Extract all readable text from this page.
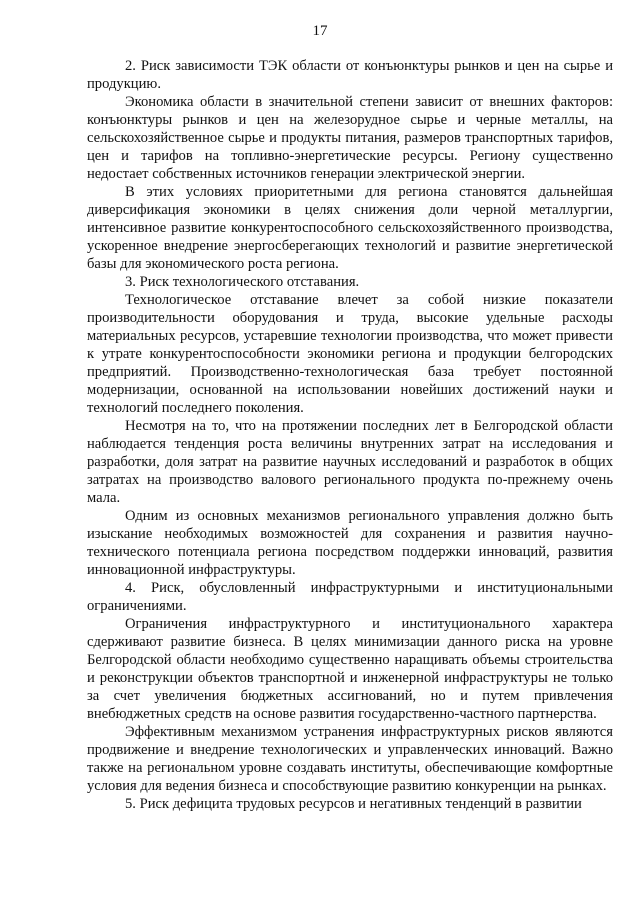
17

2. Риск зависимости ТЭК области от конъюнктуры рынков и цен на сырье и продукцию.

Экономика области в значительной степени зависит от внешних факторов: конъюнктуры рынков и цен на железорудное сырье и черные металлы, на сельскохозяйственное сырье и продукты питания, размеров транспортных тарифов, цен и тарифов на топливно-энергетические ресурсы. Региону существенно недостает собственных источников генерации электрической энергии.

В этих условиях приоритетными для региона становятся дальнейшая диверсификация экономики в целях снижения доли черной металлургии, интенсивное развитие конкурентоспособного сельскохозяйственного производства, ускоренное внедрение энергосберегающих технологий и развитие энергетической базы для экономического роста региона.

3. Риск технологического отставания.

Технологическое отставание влечет за собой низкие показатели производительности оборудования и труда, высокие удельные расходы материальных ресурсов, устаревшие технологии производства, что может привести к утрате конкурентоспособности экономики региона и продукции белгородских предприятий. Производственно-технологическая база требует постоянной модернизации, основанной на использовании новейших достижений науки и технологий последнего поколения.

Несмотря на то, что на протяжении последних лет в Белгородской области наблюдается тенденция роста величины внутренних затрат на исследования и разработки, доля затрат на развитие научных исследований и разработок в общих затратах на производство валового регионального продукта по-прежнему очень мала.

Одним из основных механизмов регионального управления должно быть изыскание необходимых возможностей для сохранения и развития научно-технического потенциала региона посредством поддержки инноваций, развития инновационной инфраструктуры.

4. Риск, обусловленный инфраструктурными и институциональными ограничениями.

Ограничения инфраструктурного и институционального характера сдерживают развитие бизнеса. В целях минимизации данного риска на уровне Белгородской области необходимо существенно наращивать объемы строительства и реконструкции объектов транспортной и инженерной инфраструктуры не только за счет увеличения бюджетных ассигнований, но и путем привлечения внебюджетных средств на основе развития государственно-частного партнерства.

Эффективным механизмом устранения инфраструктурных рисков являются продвижение и внедрение технологических и управленческих инноваций. Важно также на региональном уровне создавать институты, обеспечивающие комфортные условия для ведения бизнеса и способствующие развитию конкуренции на рынках.

5. Риск дефицита трудовых ресурсов и негативных тенденций в развитии
